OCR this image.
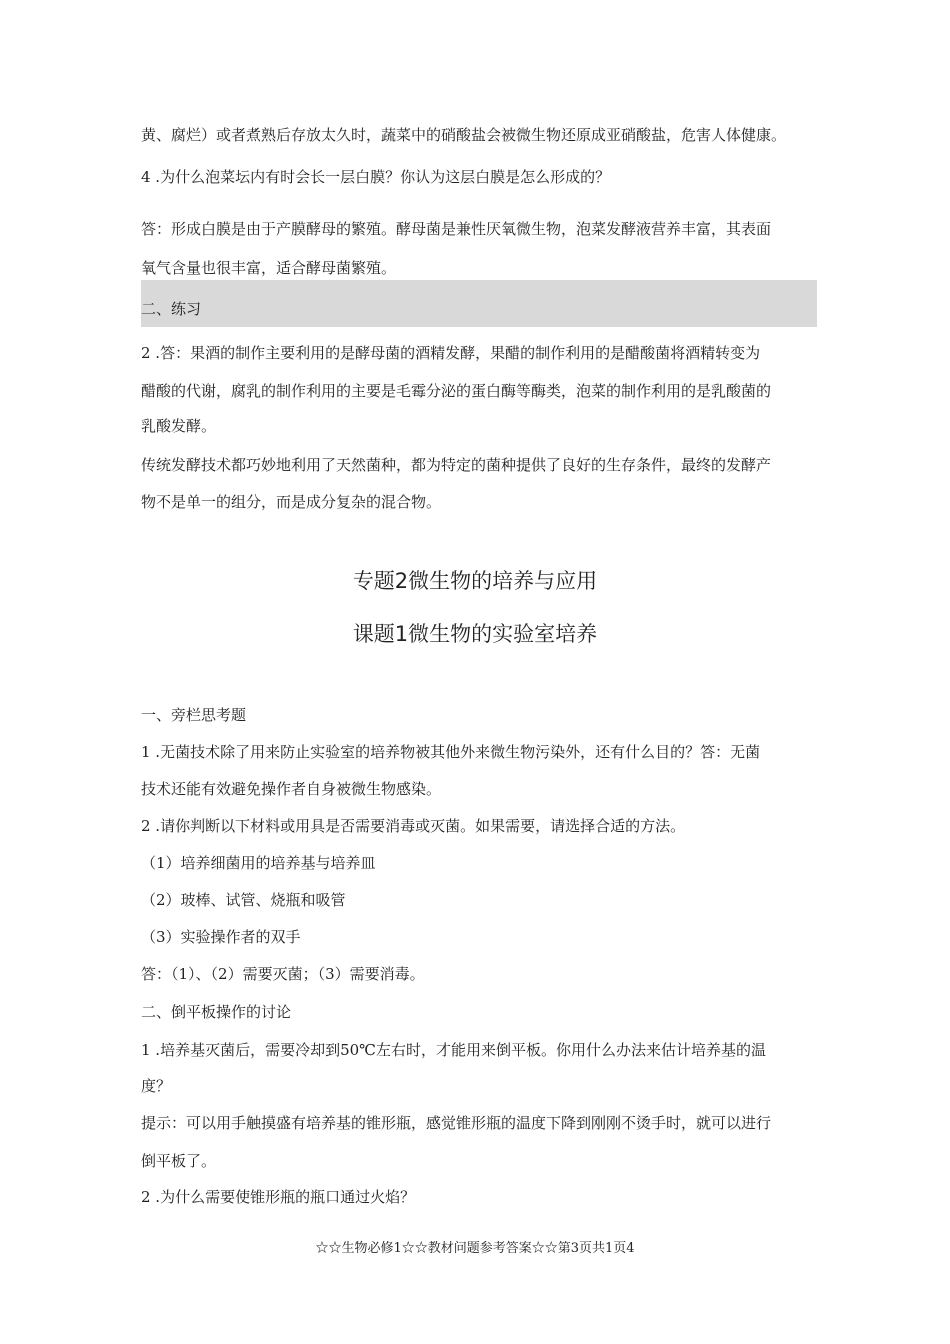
黄、腐烂）或者煮熟后存放太久时，蔬菜中的硝酸盐会被微生物还原成亚硝酸盐，危害人体健康。
4 .为什么泡菜坛内有时会长一层白膜？你认为这层白膜是怎么形成的？
答：形成白膜是由于产膜酵母的繁殖。酵母菌是兼性厌氧微生物，泡菜发酵液营养丰富，其表面
氧气含量也很丰富，适合酵母菌繁殖。
二、练习
2 .答：果酒的制作主要利用的是酵母菌的酒精发酵，果醋的制作利用的是醋酸菌将酒精转变为
醋酸的代谢，腐乳的制作利用的主要是毛霉分泌的蛋白酶等酶类，泡菜的制作利用的是乳酸菌的
乳酸发酵。
传统发酵技术都巧妙地利用了天然菌种，都为特定的菌种提供了良好的生存条件，最终的发酵产
物不是单一的组分，而是成分复杂的混合物。
专题2微生物的培养与应用
课题1微生物的实验室培养
一、旁栏思考题
1 .无菌技术除了用来防止实验室的培养物被其他外来微生物污染外，还有什么目的？答：无菌
技术还能有效避免操作者自身被微生物感染。
2 .请你判断以下材料或用具是否需要消毒或灭菌。如果需要，请选择合适的方法。
（1）培养细菌用的培养基与培养皿
（2）玻棒、试管、烧瓶和吸管
（3）实验操作者的双手
答：（1）、（2）需要灭菌；（3）需要消毒。
二、倒平板操作的讨论
1 .培养基灭菌后，需要冷却到50℃左右时，才能用来倒平板。你用什么办法来估计培养基的温
度？
提示：可以用手触摸盛有培养基的锥形瓶，感觉锥形瓶的温度下降到刚刚不烫手时，就可以进行
倒平板了。
2 .为什么需要使锥形瓶的瓶口通过火焰？
☆☆生物必修1☆☆教材问题参考答案☆☆第3页共1页4
